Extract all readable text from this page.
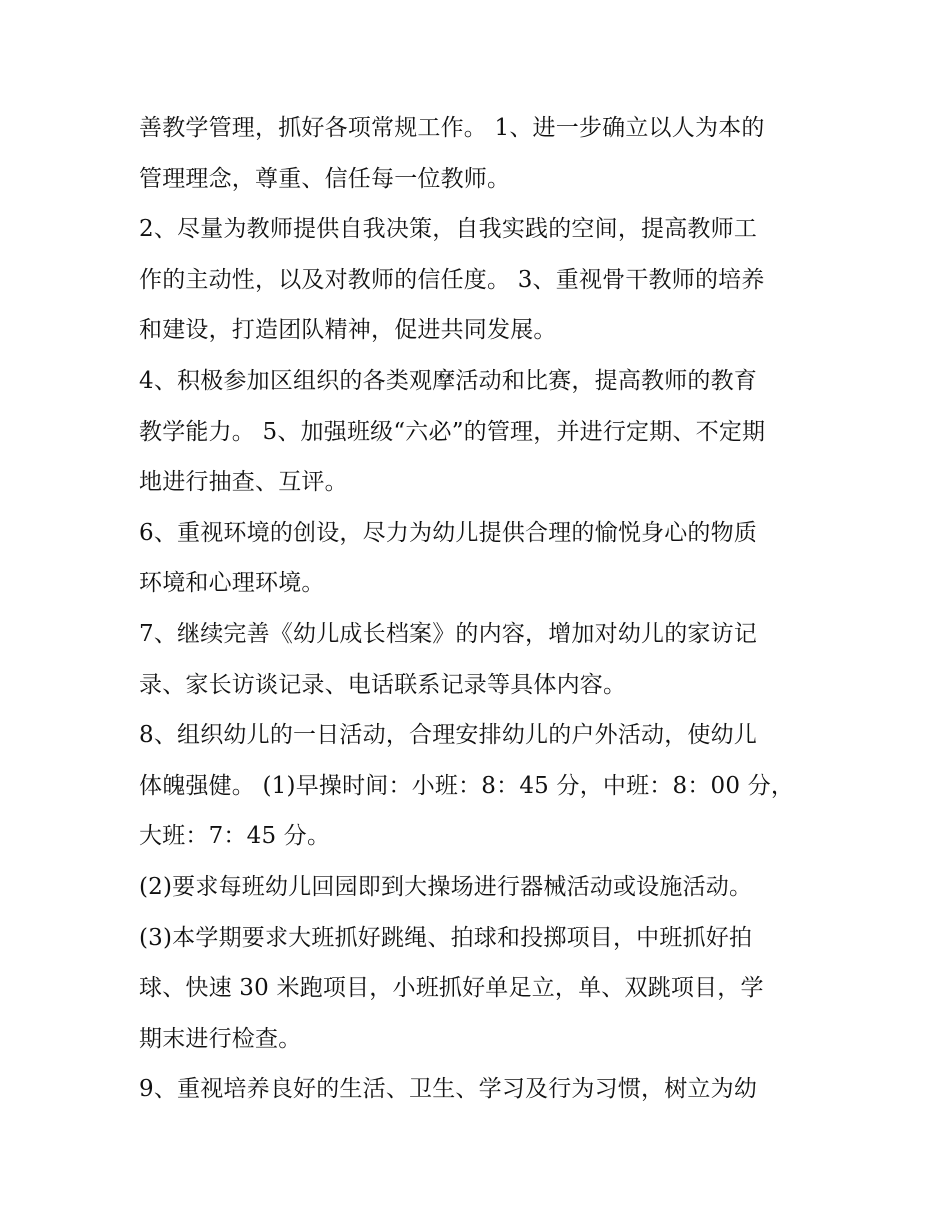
善教学管理，抓好各项常规工作。 1、进一步确立以人为本的
管理理念，尊重、信任每一位教师。
2、尽量为教师提供自我决策，自我实践的空间，提高教师工
作的主动性，以及对教师的信任度。 3、重视骨干教师的培养
和建设，打造团队精神，促进共同发展。
4、积极参加区组织的各类观摩活动和比赛，提高教师的教育
教学能力。 5、加强班级“六必”的管理，并进行定期、不定期
地进行抽查、互评。
6、重视环境的创设，尽力为幼儿提供合理的愉悦身心的物质
环境和心理环境。
7、继续完善《幼儿成长档案》的内容，增加对幼儿的家访记
录、家长访谈记录、电话联系记录等具体内容。
8、组织幼儿的一日活动，合理安排幼儿的户外活动，使幼儿
体魄强健。 (1)早操时间：小班：8：45 分，中班：8：00 分，
大班：7：45 分。
(2)要求每班幼儿回园即到大操场进行器械活动或设施活动。
(3)本学期要求大班抓好跳绳、拍球和投掷项目，中班抓好拍
球、快速 30 米跑项目，小班抓好单足立，单、双跳项目，学
期末进行检查。
9、重视培养良好的生活、卫生、学习及行为习惯，树立为幼
